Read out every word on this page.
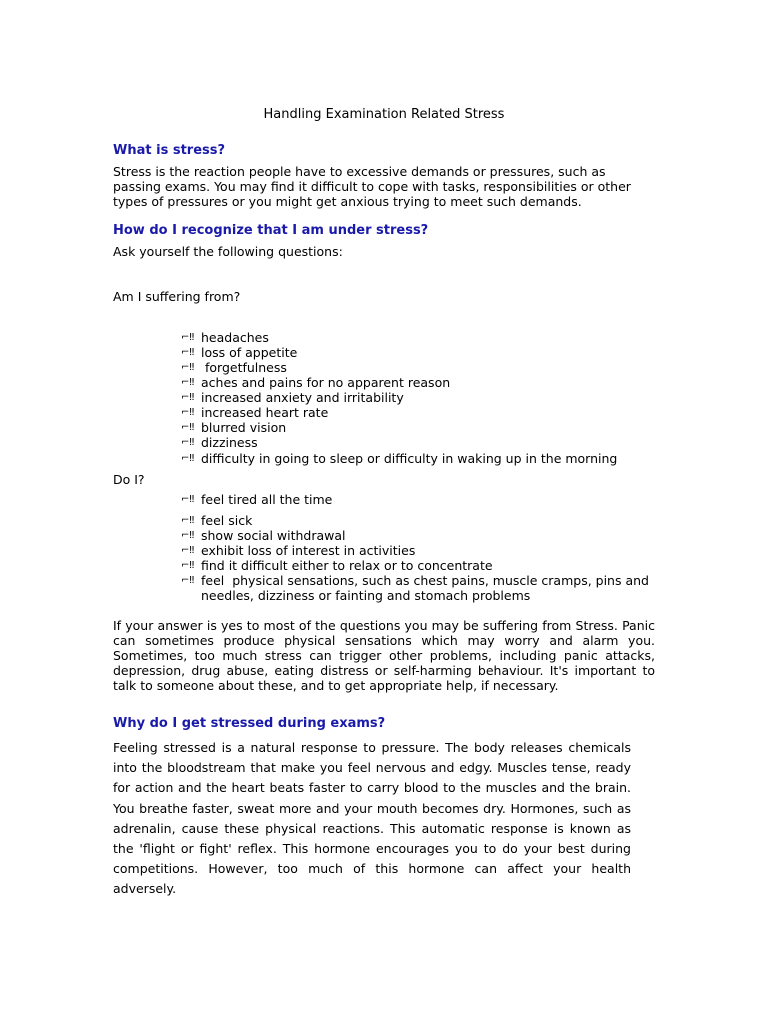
Handling Examination Related Stress
What is stress?
Stress is the reaction people have to excessive demands or pressures, such as passing exams. You may find it difficult to cope with tasks, responsibilities or other types of pressures or you might get anxious trying to meet such demands.
How do I recognize that I am under stress?
Ask yourself the following questions:
Am I suffering from?
⌐‼ headaches
⌐‼ loss of appetite
⌐‼ forgetfulness
⌐‼ aches and pains for no apparent reason
⌐‼ increased anxiety and irritability
⌐‼ increased heart rate
⌐‼ blurred vision
⌐‼ dizziness
⌐‼ difficulty in going to sleep or difficulty in waking up in the morning
Do I?
⌐‼ feel tired all the time
⌐‼ feel sick
⌐‼ show social withdrawal
⌐‼ exhibit loss of interest in activities
⌐‼ find it difficult either to relax or to concentrate
⌐‼ feel  physical sensations, such as chest pains, muscle cramps, pins and needles, dizziness or fainting and stomach problems
If your answer is yes to most of the questions you may be suffering from Stress. Panic can sometimes produce physical sensations which may worry and alarm you. Sometimes, too much stress can trigger other problems, including panic attacks, depression, drug abuse, eating distress or self-harming behaviour. It's important to talk to someone about these, and to get appropriate help, if necessary.
Why do I get stressed during exams?
Feeling stressed is a natural response to pressure. The body releases chemicals into the bloodstream that make you feel nervous and edgy. Muscles tense, ready for action and the heart beats faster to carry blood to the muscles and the brain. You breathe faster, sweat more and your mouth becomes dry. Hormones, such as adrenalin, cause these physical reactions. This automatic response is known as the 'flight or fight' reflex. This hormone encourages you to do your best during competitions. However, too much of this hormone can affect your health adversely.
